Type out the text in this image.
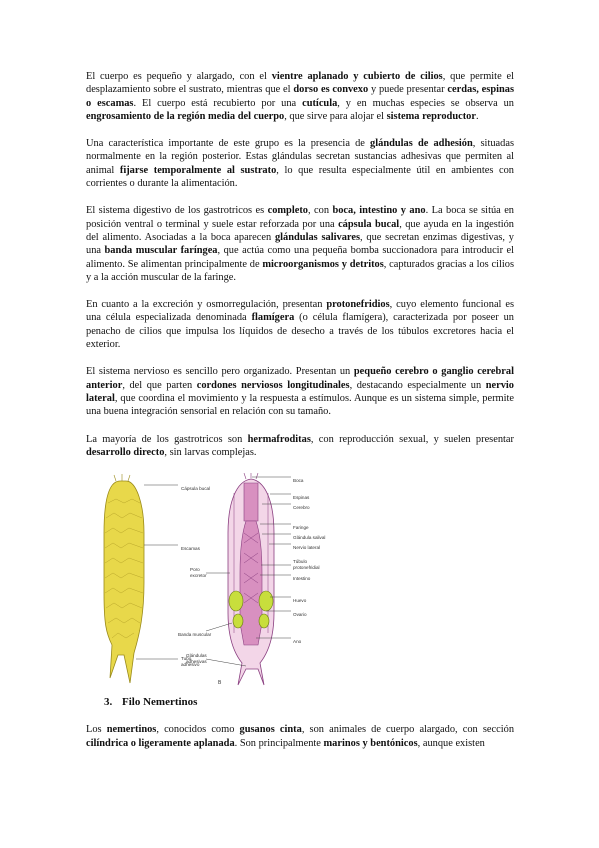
El cuerpo es pequeño y alargado, con el vientre aplanado y cubierto de cilios, que permite el desplazamiento sobre el sustrato, mientras que el dorso es convexo y puede presentar cerdas, espinas o escamas. El cuerpo está recubierto por una cutícula, y en muchas especies se observa un engrosamiento de la región media del cuerpo, que sirve para alojar el sistema reproductor.

Una característica importante de este grupo es la presencia de glándulas de adhesión, situadas normalmente en la región posterior. Estas glándulas secretan sustancias adhesivas que permiten al animal fijarse temporalmente al sustrato, lo que resulta especialmente útil en ambientes con corrientes o durante la alimentación.

El sistema digestivo de los gastrotricos es completo, con boca, intestino y ano. La boca se sitúa en posición ventral o terminal y suele estar reforzada por una cápsula bucal, que ayuda en la ingestión del alimento. Asociadas a la boca aparecen glándulas salivares, que secretan enzimas digestivas, y una banda muscular faríngea, que actúa como una pequeña bomba succionadora para introducir el alimento. Se alimentan principalmente de microorganismos y detritos, capturados gracias a los cilios y a la acción muscular de la faringe.

En cuanto a la excreción y osmorregulación, presentan protonefridios, cuyo elemento funcional es una célula especializada denominada flamígera (o célula flamígera), caracterizada por poseer un penacho de cilios que impulsa los líquidos de desecho a través de los túbulos excretores hacia el exterior.

El sistema nervioso es sencillo pero organizado. Presentan un pequeño cerebro o ganglio cerebral anterior, del que parten cordones nerviosos longitudinales, destacando especialmente un nervio lateral, que coordina el movimiento y la respuesta a estímulos. Aunque es un sistema simple, permite una buena integración sensorial en relación con su tamaño.

La mayoría de los gastrotricos son hermafroditas, con reproducción sexual, y suelen presentar desarrollo directo, sin larvas complejas.

Cápsula bucal
Escamas
Tubo adhesivo
Boca
Espinas
Cerebro
Faringe
Glándula salival
Nervio lateral
Túbulo protonefridial
Intestino
Huevo
Ovario
Ano
Glándulas adhesivas
Poro excretor
Banda muscular
B
3. Filo Nemertinos

Los nemertinos, conocidos como gusanos cinta, son animales de cuerpo alargado, con sección cilíndrica o ligeramente aplanada. Son principalmente marinos y bentónicos, aunque existen
